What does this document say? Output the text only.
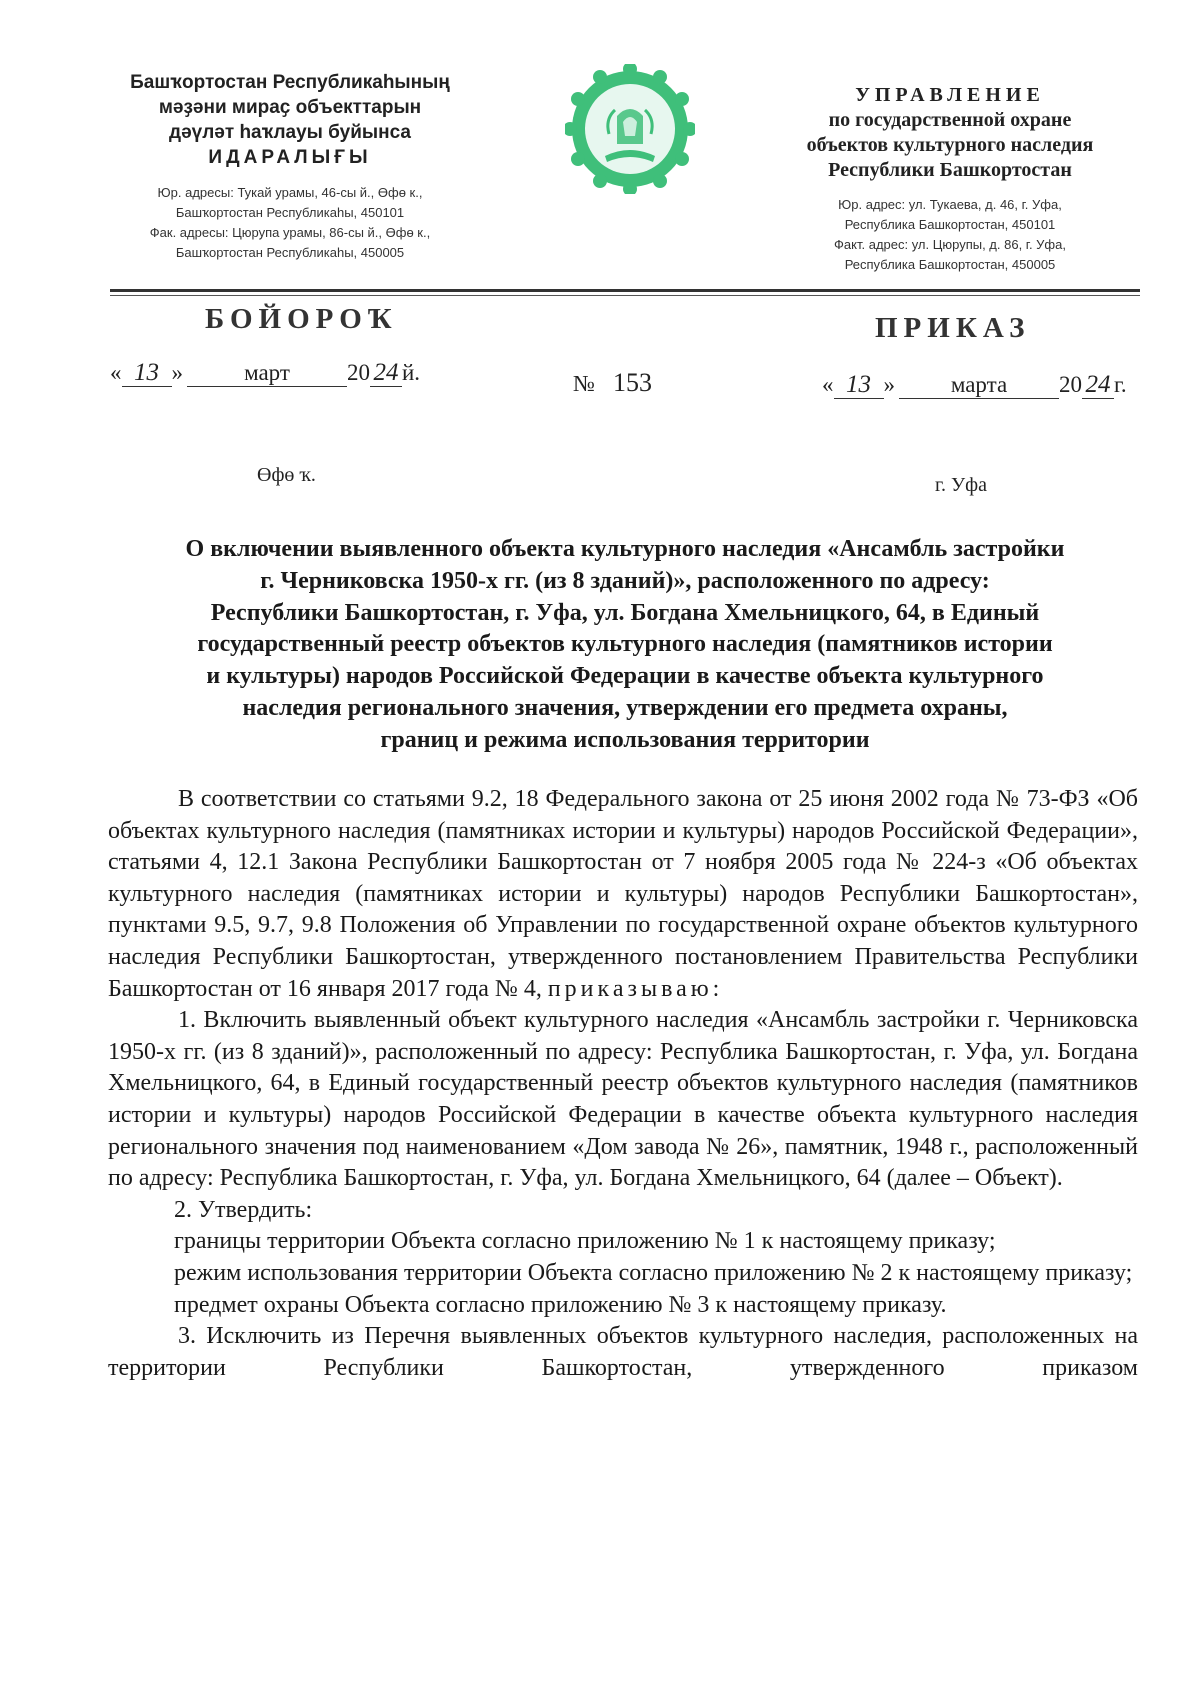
Башҡортостан Республикаһының
мәҙәни мираҫ объекттарын
дәүләт һаҡлауы буйынса
ИДАРАЛЫҒЫ
Юр. адресы: Тукай урамы, 46-сы й., Өфө к.,
Башҡортостан Республикаһы, 450101
Фак. адресы: Цюрупа урамы, 86-сы й., Өфө к.,
Башҡортостан Республикаһы, 450005
УПРАВЛЕНИЕ
по государственной охране
объектов культурного наследия
Республики Башкортостан
Юр. адрес: ул. Тукаева, д. 46, г. Уфа,
Республика Башкортостан, 450101
Факт. адрес: ул. Цюрупы, д. 86, г. Уфа,
Республика Башкортостан, 450005
БОЙОРОҠ	ПРИКАЗ
« 13 »	март 20 24 й.	№ 153	« 13 » марта 20 24 г.
Өфө ҡ.	г. Уфа
О включении выявленного объекта культурного наследия «Ансамбль застройки
г. Черниковска 1950-х гг. (из 8 зданий)», расположенного по адресу:
Республики Башкортостан, г. Уфа, ул. Богдана Хмельницкого, 64, в Единый
государственный реестр объектов культурного наследия (памятников истории
и культуры) народов Российской Федерации в качестве объекта культурного
наследия регионального значения, утверждении его предмета охраны,
границ и режима использования территории

В соответствии со статьями 9.2, 18 Федерального закона от 25 июня 2002 года № 73-ФЗ «Об объектах культурного наследия (памятниках истории и культуры) народов Российской Федерации», статьями 4, 12.1 Закона Республики Башкортостан от 7 ноября 2005 года № 224-з «Об объектах культурного наследия (памятниках истории и культуры) народов Республики Башкортостан», пунктами 9.5, 9.7, 9.8 Положения об Управлении по государственной охране объектов культурного наследия Республики Башкортостан, утвержденного постановлением Правительства Республики Башкортостан от 16 января 2017 года № 4, приказываю:

1. Включить выявленный объект культурного наследия «Ансамбль застройки г. Черниковска 1950-х гг. (из 8 зданий)», расположенный по адресу: Республика Башкортостан, г. Уфа, ул. Богдана Хмельницкого, 64, в Единый государственный реестр объектов культурного наследия (памятников истории и культуры) народов Российской Федерации в качестве объекта культурного наследия регионального значения под наименованием «Дом завода № 26», памятник, 1948 г., расположенный по адресу: Республика Башкортостан, г. Уфа, ул. Богдана Хмельницкого, 64 (далее – Объект).

2. Утвердить:

границы территории Объекта согласно приложению № 1 к настоящему приказу;

режим использования территории Объекта согласно приложению № 2 к настоящему приказу;

предмет охраны Объекта согласно приложению № 3 к настоящему приказу.

3. Исключить из Перечня выявленных объектов культурного наследия, расположенных на территории Республики Башкортостан, утвержденного приказом
